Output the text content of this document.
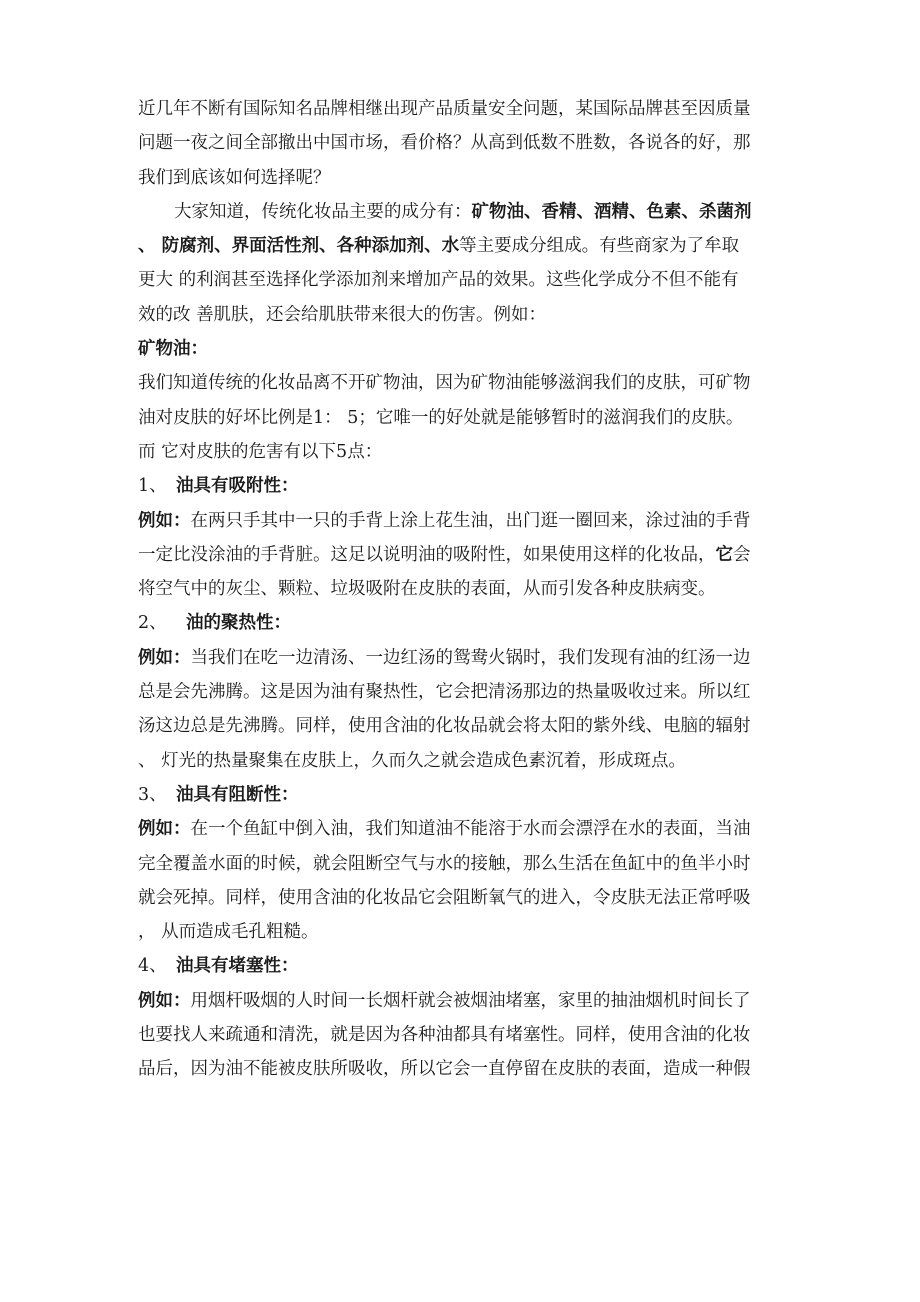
近几年不断有国际知名品牌相继出现产品质量安全问题，某国际品牌甚至因质量
问题一夜之间全部撤出中国市场，看价格？从高到低数不胜数，各说各的好，那
我们到底该如何选择呢？
大家知道，传统化妆品主要的成分有：矿物油、香精、酒精、色素、杀菌剂
、 防腐剂、界面活性剂、各种添加剂、水等主要成分组成。有些商家为了牟取
更大 的利润甚至选择化学添加剂来增加产品的效果。这些化学成分不但不能有
效的改 善肌肤，还会给肌肤带来很大的伤害。例如：
矿物油：
我们知道传统的化妆品离不开矿物油，因为矿物油能够滋润我们的皮肤，可矿物
油对皮肤的好坏比例是1： 5；它唯一的好处就是能够暂时的滋润我们的皮肤。
而 它对皮肤的危害有以下5点：
1、 油具有吸附性：
例如：在两只手其中一只的手背上涂上花生油，出门逛一圈回来，涂过油的手背
一定比没涂油的手背脏。这足以说明油的吸附性，如果使用这样的化妆品，它会
将空气中的灰尘、颗粒、垃圾吸附在皮肤的表面，从而引发各种皮肤病变。
2、 油的聚热性：
例如：当我们在吃一边清汤、一边红汤的鸳鸯火锅时，我们发现有油的红汤一边
总是会先沸腾。这是因为油有聚热性，它会把清汤那边的热量吸收过来。所以红
汤这边总是先沸腾。同样，使用含油的化妆品就会将太阳的紫外线、电脑的辐射
、 灯光的热量聚集在皮肤上，久而久之就会造成色素沉着，形成斑点。
3、 油具有阻断性：
例如：在一个鱼缸中倒入油，我们知道油不能溶于水而会漂浮在水的表面，当油
完全覆盖水面的时候，就会阻断空气与水的接触，那么生活在鱼缸中的鱼半小时
就会死掉。同样，使用含油的化妆品它会阻断氧气的进入，令皮肤无法正常呼吸
， 从而造成毛孔粗糙。
4、 油具有堵塞性：
例如：用烟杆吸烟的人时间一长烟杆就会被烟油堵塞，家里的抽油烟机时间长了
也要找人来疏通和清洗，就是因为各种油都具有堵塞性。同样，使用含油的化妆
品后，因为油不能被皮肤所吸收，所以它会一直停留在皮肤的表面，造成一种假
